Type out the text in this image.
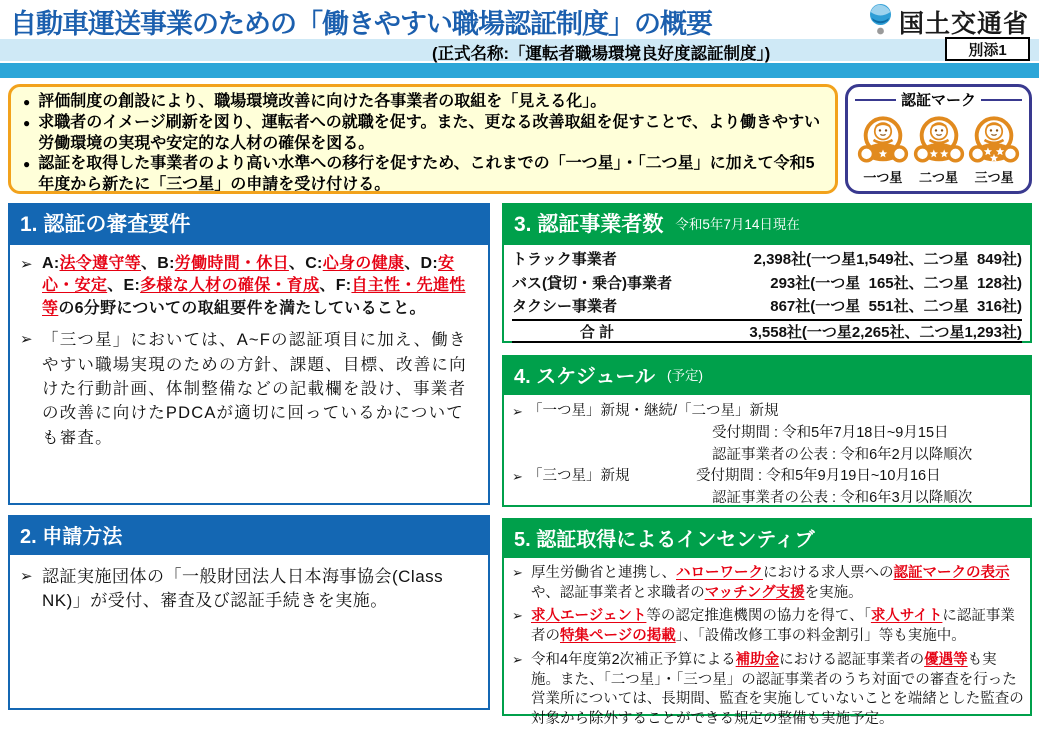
自動車運送事業のための「働きやすい職場認証制度」の概要	国土交通省
(正式名称:「運転者職場環境良好度認証制度」)	別添1
● 評価制度の創設により、職場環境改善に向けた各事業者の取組を「見える化」。
● 求職者のイメージ刷新を図り、運転者への就職を促す。また、更なる改善取組を促すことで、より働きやすい労働環境の実現や安定的な人材の確保を図る。
● 認証を取得した事業者のより高い水準への移行を促すため、これまでの「一つ星」・「二つ星」に加えて令和5年度から新たに「三つ星」の申請を受け付ける。
認証マーク
一つ星 二つ星 三つ星
1. 認証の審査要件
➢ A:法令遵守等、B:労働時間・休日、C:心身の健康、D:安心・安定、E:多様な人材の確保・育成、F:自主性・先進性等の6分野についての取組要件を満たしていること。
➢ 「三つ星」においては、A~Fの認証項目に加え、働きやすい職場実現のための方針、課題、目標、改善に向けた行動計画、体制整備などの記載欄を設け、事業者の改善に向けたPDCAが適切に回っているかについても審査。
2. 申請方法
➢ 認証実施団体の「一般財団法人日本海事協会(Class NK)」が受付、審査及び認証手続きを実施。
3. 認証事業者数 令和5年7月14日現在
トラック事業者	2,398社(一つ星1,549社、二つ星  849社)
バス(貸切・乗合)事業者	293社(一つ星  165社、二つ星  128社)
タクシー事業者	867社(一つ星  551社、二つ星  316社)
合 計	3,558社(一つ星2,265社、二つ星1,293社)
4. スケジュール (予定)
➢ 「一つ星」新規・継続/「二つ星」新規
受付期間 : 令和5年7月18日~9月15日
認証事業者の公表 : 令和6年2月以降順次
➢ 「三つ星」新規	受付期間 : 令和5年9月19日~10月16日
認証事業者の公表 : 令和6年3月以降順次
5. 認証取得によるインセンティブ
➢ 厚生労働省と連携し、ハローワークにおける求人票への認証マークの表示や、認証事業者と求職者のマッチング支援を実施。
➢ 求人エージェント等の認定推進機関の協力を得て、「求人サイトに認証事業者の特集ページの掲載」、「設備改修工事の料金割引」等も実施中。
➢ 令和4年度第2次補正予算による補助金における認証事業者の優遇等も実施。また、「二つ星」・「三つ星」の認証事業者のうち対面での審査を行った営業所については、長期間、監査を実施していないことを端緒とした監査の対象から除外することができる規定の整備も実施予定。
